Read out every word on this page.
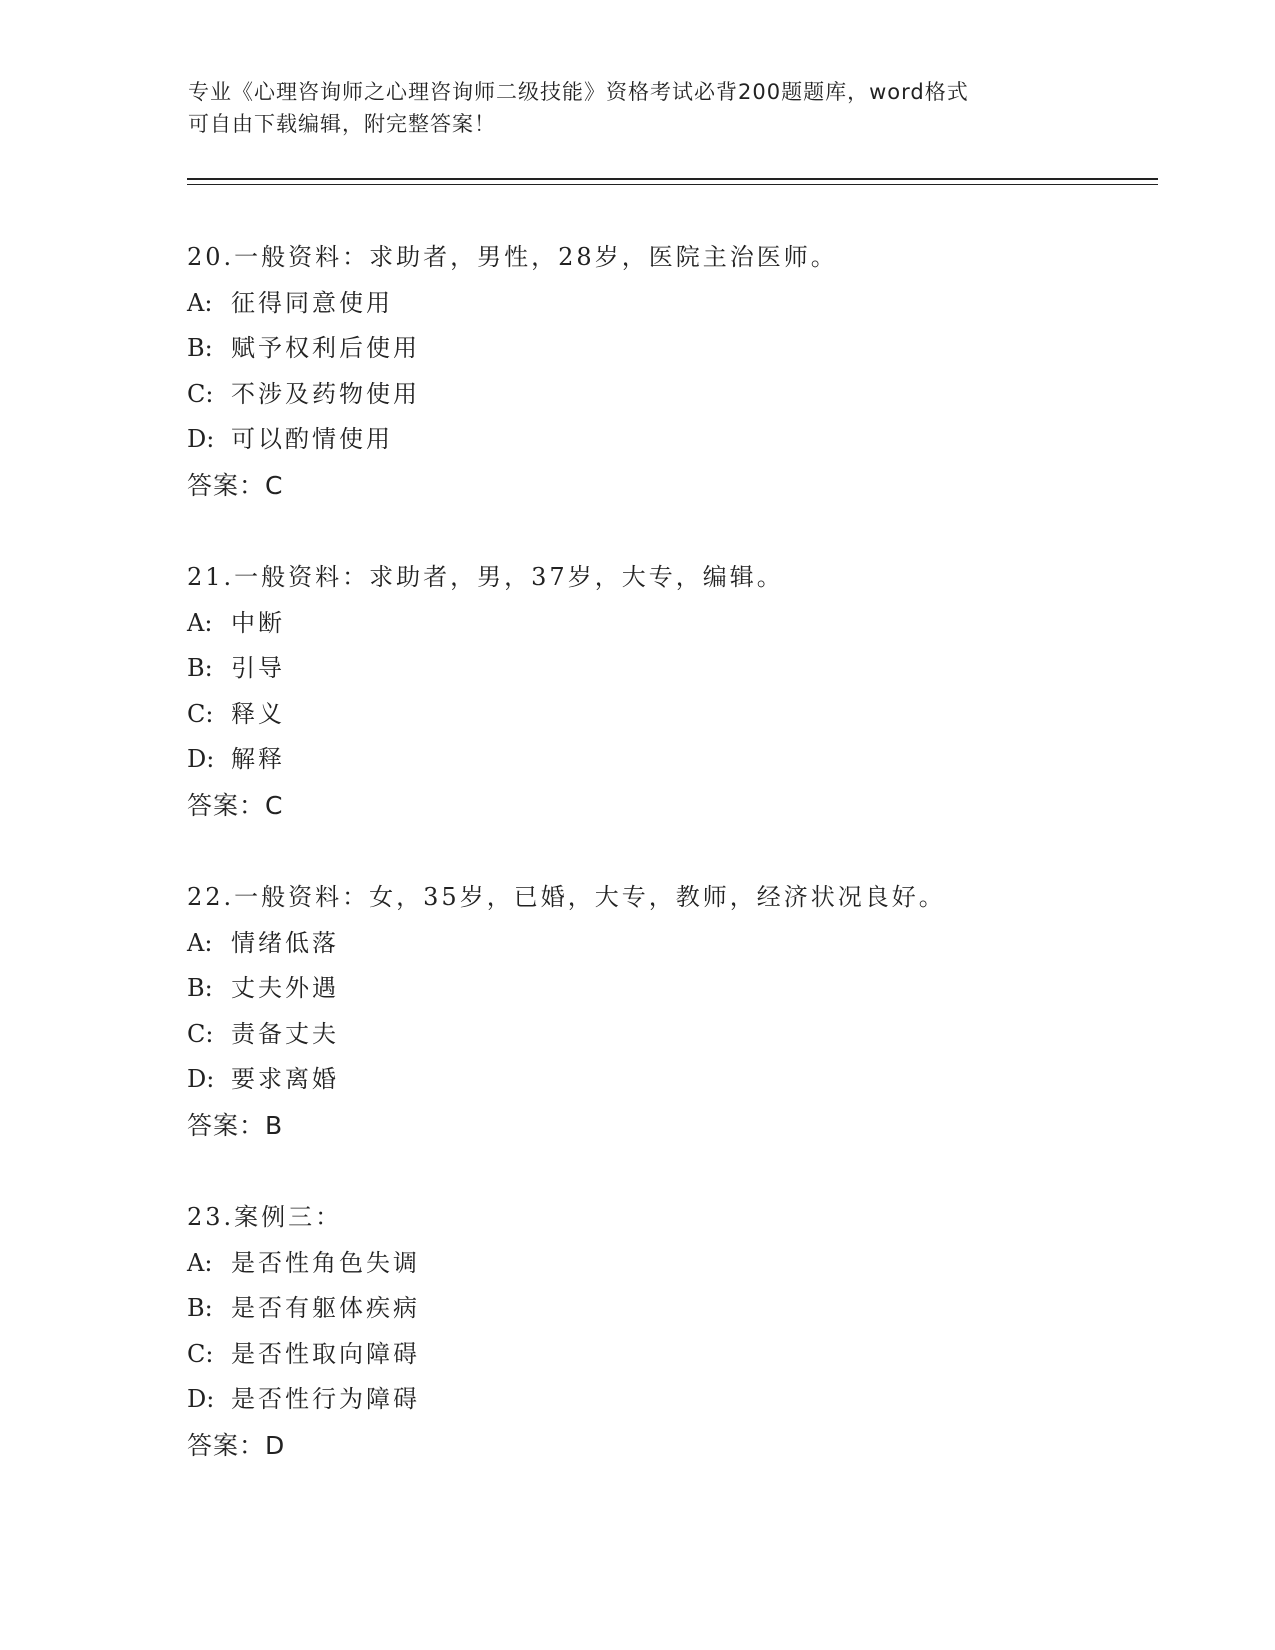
专业《心理咨询师之心理咨询师二级技能》资格考试必背200题题库，word格式
可自由下载编辑，附完整答案！
20.一般资料：求助者，男性，28岁，医院主治医师。
A: 征得同意使用
B: 赋予权利后使用
C: 不涉及药物使用
D: 可以酌情使用
答案：C
21.一般资料：求助者，男，37岁，大专，编辑。
A: 中断
B: 引导
C: 释义
D: 解释
答案：C
22.一般资料：女，35岁，已婚，大专，教师，经济状况良好。
A: 情绪低落
B: 丈夫外遇
C: 责备丈夫
D: 要求离婚
答案：B
23.案例三：
A: 是否性角色失调
B: 是否有躯体疾病
C: 是否性取向障碍
D: 是否性行为障碍
答案：D
